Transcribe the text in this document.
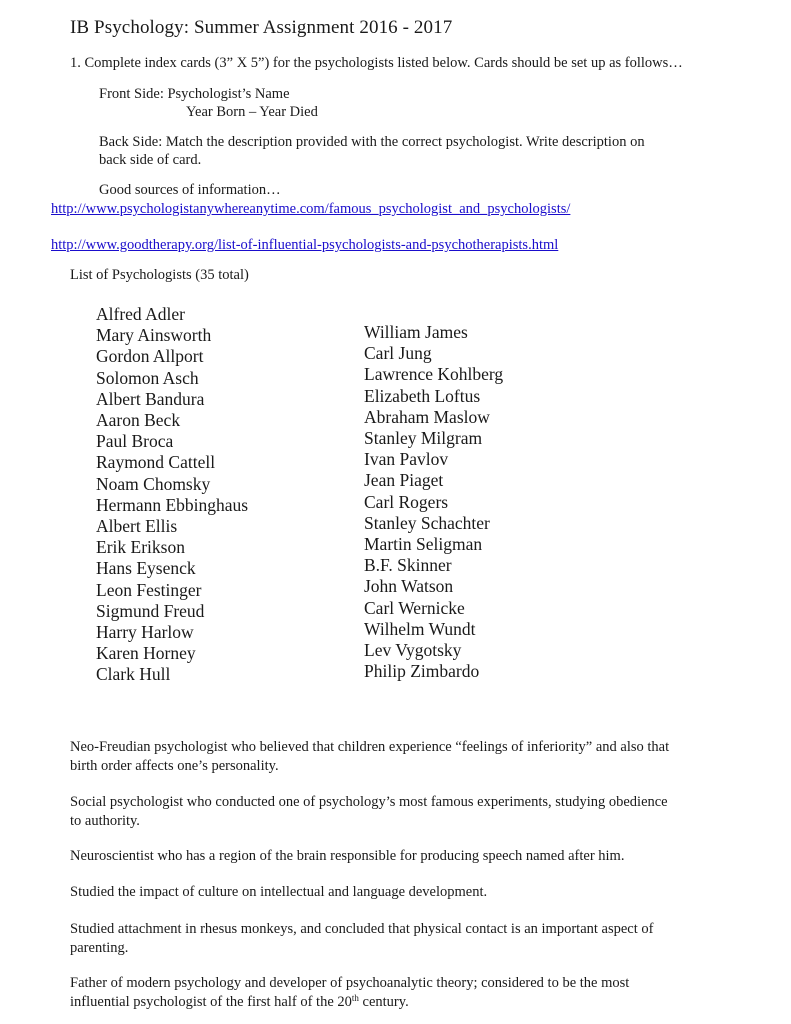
IB Psychology: Summer Assignment 2016 - 2017
1. Complete index cards (3” X 5”) for the psychologists listed below. Cards should be set up as follows…
Front Side: Psychologist’s Name
Year Born – Year Died
Back Side: Match the description provided with the correct psychologist. Write description on
back side of card.
Good sources of information…
http://www.psychologistanywhereanytime.com/famous_psychologist_and_psychologists/
http://www.goodtherapy.org/list-of-influential-psychologists-and-psychotherapists.html
List of Psychologists (35 total)
Alfred Adler
Mary Ainsworth
Gordon Allport
Solomon Asch
Albert Bandura
Aaron Beck
Paul Broca
Raymond Cattell
Noam Chomsky
Hermann Ebbinghaus
Albert Ellis
Erik Erikson
Hans Eysenck
Leon Festinger
Sigmund Freud
Harry Harlow
Karen Horney
Clark Hull
William James
Carl Jung
Lawrence Kohlberg
Elizabeth Loftus
Abraham Maslow
Stanley Milgram
Ivan Pavlov
Jean Piaget
Carl Rogers
Stanley Schachter
Martin Seligman
B.F. Skinner
John Watson
Carl Wernicke
Wilhelm Wundt
Lev Vygotsky
Philip Zimbardo
Neo-Freudian psychologist who believed that children experience “feelings of inferiority” and also that
birth order affects one’s personality.
Social psychologist who conducted one of psychology’s most famous experiments, studying obedience
to authority.
Neuroscientist who has a region of the brain responsible for producing speech named after him.
Studied the impact of culture on intellectual and language development.
Studied attachment in rhesus monkeys, and concluded that physical contact is an important aspect of
parenting.
Father of modern psychology and developer of psychoanalytic theory; considered to be the most
influential psychologist of the first half of the 20th century.
